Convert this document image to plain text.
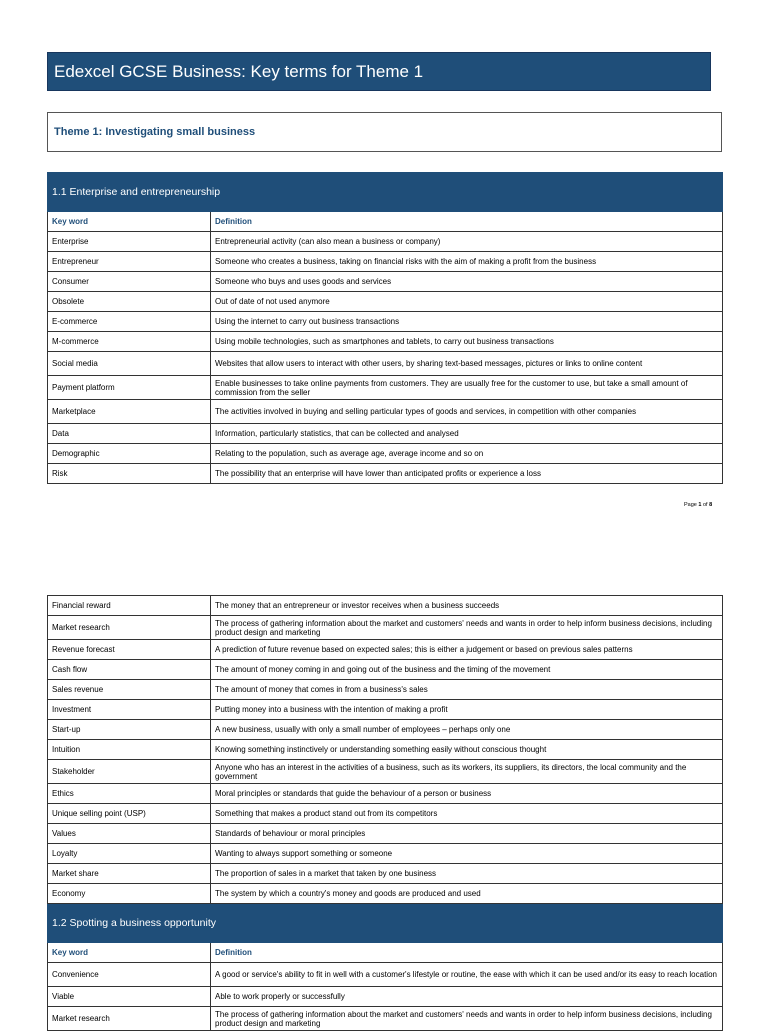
Edexcel GCSE Business: Key terms for Theme 1
Theme 1: Investigating small business
1.1 Enterprise and entrepreneurship	
Key word	Definition
Enterprise	Entrepreneurial activity (can also mean a business or company)
Entrepreneur	Someone who creates a business, taking on financial risks with the aim of making a profit from the business
Consumer	Someone who buys and uses goods and services
Obsolete	Out of date of not used anymore
E-commerce	Using the internet to carry out business transactions
M-commerce	Using mobile technologies, such as smartphones and tablets, to carry out business transactions
Social media	Websites that allow users to interact with other users, by sharing text-based messages, pictures or links to online content
Payment platform	Enable businesses to take online payments from customers. They are usually free for the customer to use, but take a small amount of commission from the seller
Marketplace	The activities involved in buying and selling particular types of goods and services, in competition with other companies
Data	Information, particularly statistics, that can be collected and analysed
Demographic	Relating to the population, such as average age, average income and so on
Risk	The possibility that an enterprise will have lower than anticipated profits or experience a loss
Page 1 of 8
Financial reward	The money that an entrepreneur or investor receives when a business succeeds
Market research	The process of gathering information about the market and customers' needs and wants in order to help inform business decisions, including product design and marketing
Revenue forecast	A prediction of future revenue based on expected sales; this is either a judgement or based on previous sales patterns
Cash flow	The amount of money coming in and going out of the business and the timing of the movement
Sales revenue	The amount of money that comes in from a business's sales
Investment	Putting money into a business with the intention of making a profit
Start-up	A new business, usually with only a small number of employees – perhaps only one
Intuition	Knowing something instinctively or understanding something easily without conscious thought
Stakeholder	Anyone who has an interest in the activities of a business, such as its workers, its suppliers, its directors, the local community and the government
Ethics	Moral principles or standards that guide the behaviour of a person or business
Unique selling point (USP)	Something that makes a product stand out from its competitors
Values	Standards of behaviour or moral principles
Loyalty	Wanting to always support something or someone
Market share	The proportion of sales in a market that taken by one business
Economy	The system by which a country's money and goods are produced and used
1.2 Spotting a business opportunity	
Key word	Definition
Convenience	A good or service's ability to fit in well with a customer's lifestyle or routine, the ease with which it can be used and/or its easy to reach location
Viable	Able to work properly or successfully
Market research	The process of gathering information about the market and customers' needs and wants in order to help inform business decisions, including product design and marketing
